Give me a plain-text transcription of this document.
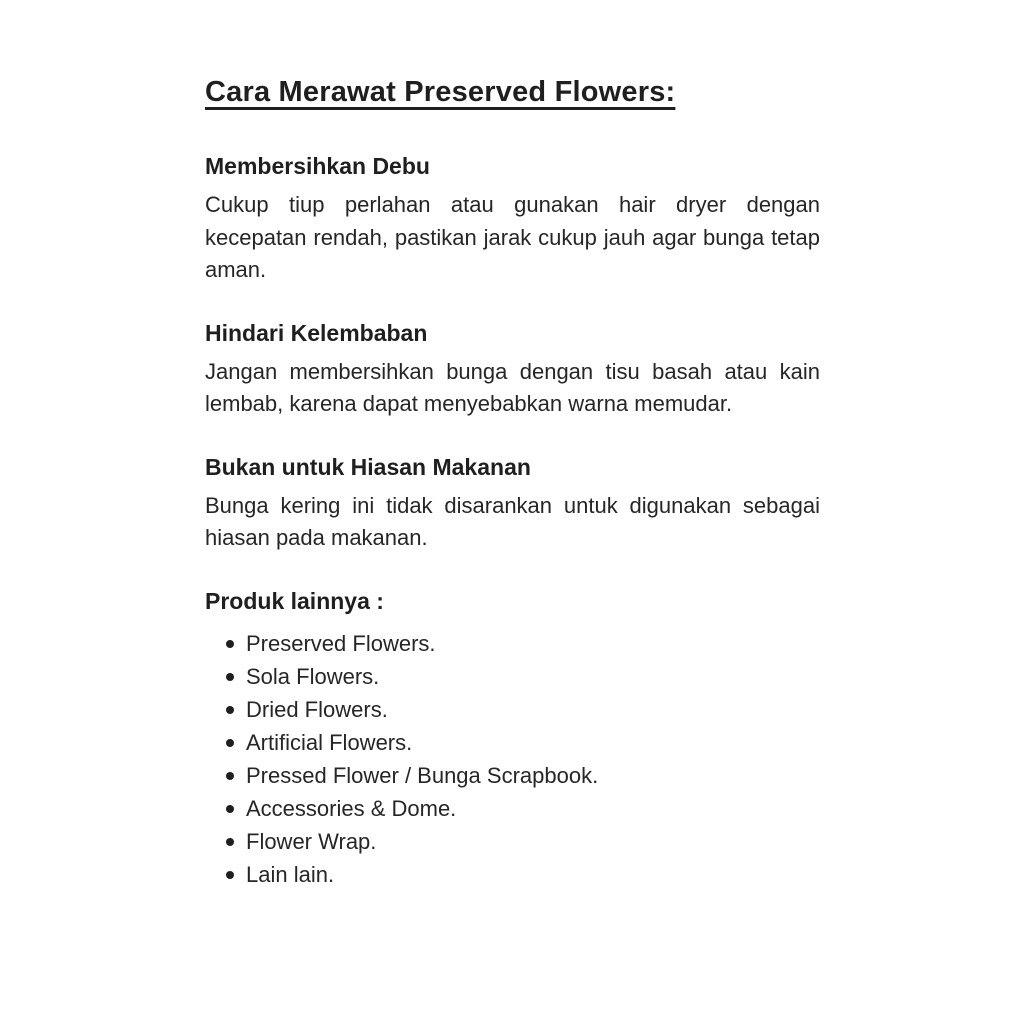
Cara Merawat Preserved Flowers:
Membersihkan Debu

Cukup tiup perlahan atau gunakan hair dryer dengan kecepatan rendah, pastikan jarak cukup jauh agar bunga tetap aman.

Hindari Kelembaban

Jangan membersihkan bunga dengan tisu basah atau kain lembab, karena dapat menyebabkan warna memudar.

Bukan untuk Hiasan Makanan

Bunga kering ini tidak disarankan untuk digunakan sebagai hiasan pada makanan.

Produk lainnya :
Preserved Flowers.
Sola Flowers.
Dried Flowers.
Artificial Flowers.
Pressed Flower / Bunga Scrapbook.
Accessories & Dome.
Flower Wrap.
Lain lain.
